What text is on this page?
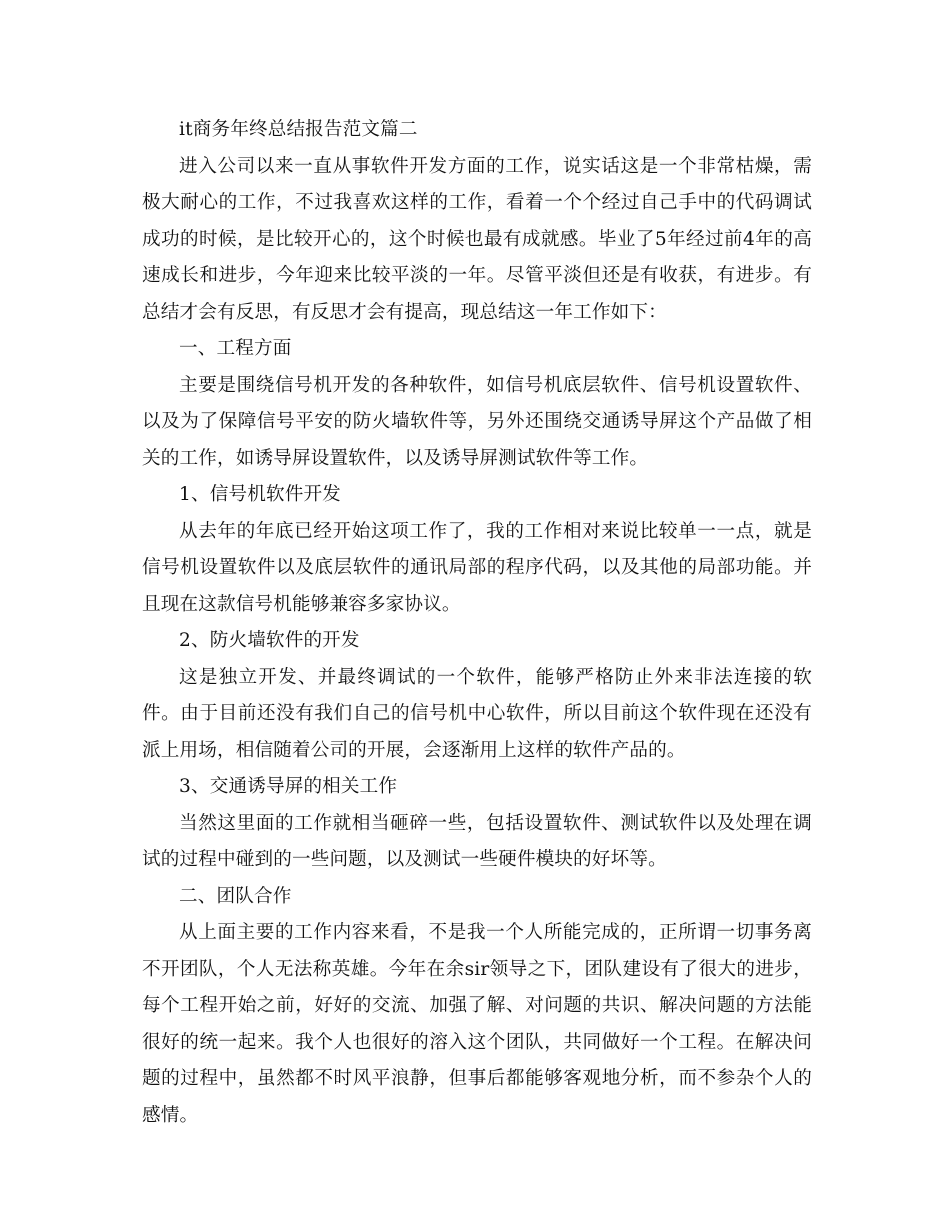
it商务年终总结报告范文篇二

进入公司以来一直从事软件开发方面的工作，说实话这是一个非常枯燥，需极大耐心的工作，不过我喜欢这样的工作，看着一个个经过自己手中的代码调试成功的时候，是比较开心的，这个时候也最有成就感。毕业了5年经过前4年的高速成长和进步，今年迎来比较平淡的一年。尽管平淡但还是有收获，有进步。有总结才会有反思，有反思才会有提高，现总结这一年工作如下：

一、工程方面

主要是围绕信号机开发的各种软件，如信号机底层软件、信号机设置软件、以及为了保障信号平安的防火墙软件等，另外还围绕交通诱导屏这个产品做了相关的工作，如诱导屏设置软件，以及诱导屏测试软件等工作。

1、信号机软件开发

从去年的年底已经开始这项工作了，我的工作相对来说比较单一一点，就是信号机设置软件以及底层软件的通讯局部的程序代码，以及其他的局部功能。并且现在这款信号机能够兼容多家协议。

2、防火墙软件的开发

这是独立开发、并最终调试的一个软件，能够严格防止外来非法连接的软件。由于目前还没有我们自己的信号机中心软件，所以目前这个软件现在还没有派上用场，相信随着公司的开展，会逐渐用上这样的软件产品的。

3、交通诱导屏的相关工作

当然这里面的工作就相当砸碎一些，包括设置软件、测试软件以及处理在调试的过程中碰到的一些问题，以及测试一些硬件模块的好坏等。

二、团队合作

从上面主要的工作内容来看，不是我一个人所能完成的，正所谓一切事务离不开团队，个人无法称英雄。今年在余sir领导之下，团队建设有了很大的进步，每个工程开始之前，好好的交流、加强了解、对问题的共识、解决问题的方法能很好的统一起来。我个人也很好的溶入这个团队，共同做好一个工程。在解决问题的过程中，虽然都不时风平浪静，但事后都能够客观地分析，而不参杂个人的感情。
